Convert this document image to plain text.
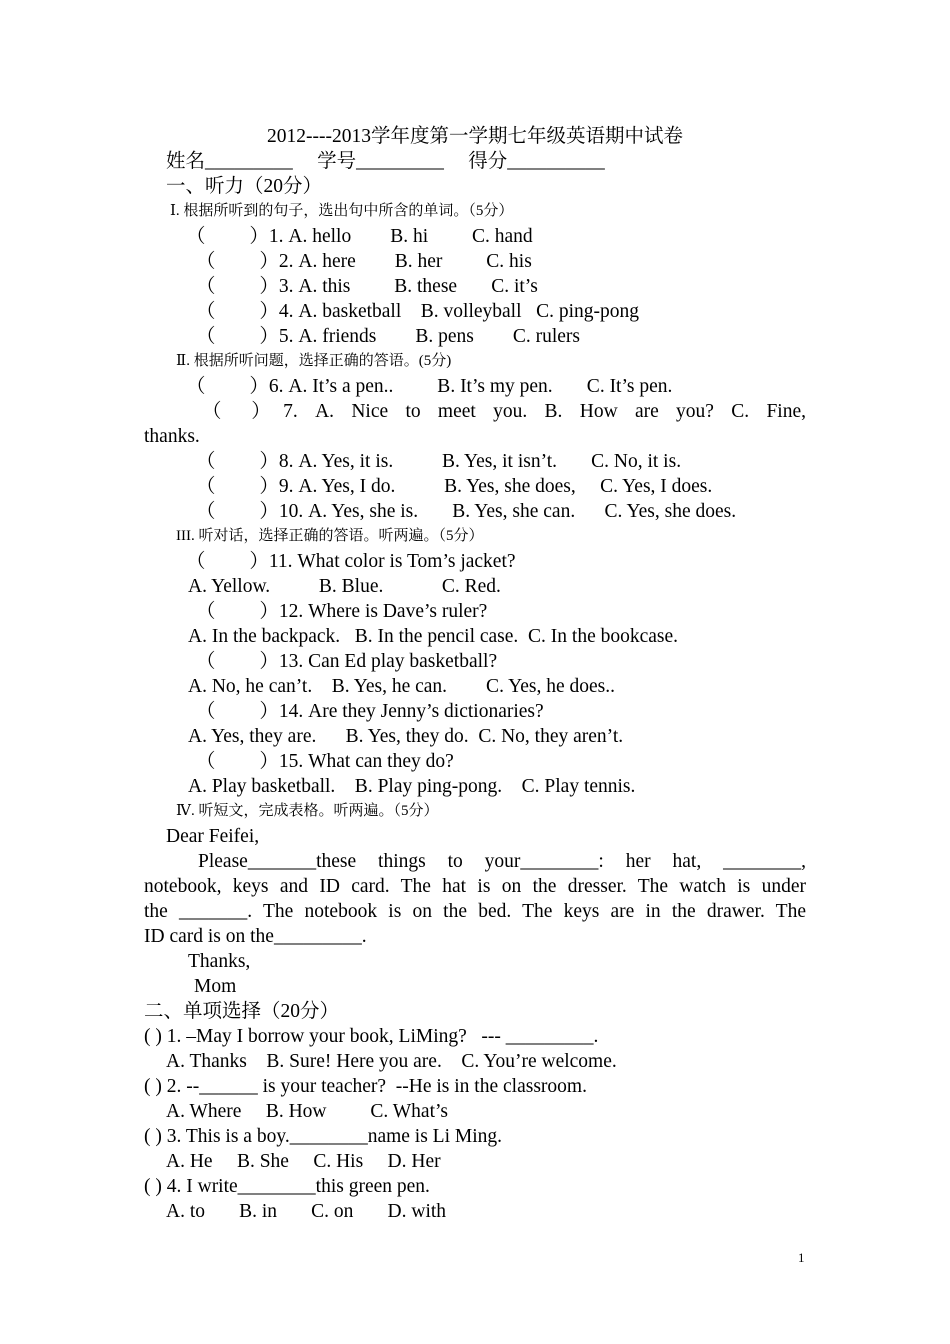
2012----2013学年度第一学期七年级英语期中试卷
姓名_________     学号_________     得分__________
一、听力（20分）
Ⅰ. 根据所听到的句子，选出句中所含的单词。（5分）
（         ）1. A. hello        B. hi         C. hand
（         ）2. A. here        B. her         C. his
（         ）3. A. this         B. these       C. it’s
（         ）4. A. basketball    B. volleyball   C. ping-pong
（         ）5. A. friends        B. pens        C. rulers
Ⅱ. 根据所听问题，选择正确的答语。(5分)
（         ）6. A. It’s a pen..         B. It’s my pen.       C. It’s pen.
（ ）7. A. Nice to meet you. B. How are you? C. Fine,
thanks.
（         ）8. A. Yes, it is.          B. Yes, it isn’t.       C. No, it is.
（         ）9. A. Yes, I do.          B. Yes, she does,     C. Yes, I does.
（         ）10. A. Yes, she is.       B. Yes, she can.      C. Yes, she does.
III. 听对话，选择正确的答语。听两遍。（5分）
（         ）11. What color is Tom’s jacket?
A. Yellow.          B. Blue.            C. Red.
（         ）12. Where is Dave’s ruler?
A. In the backpack.   B. In the pencil case.  C. In the bookcase.
（         ）13. Can Ed play basketball?
A. No, he can’t.    B. Yes, he can.        C. Yes, he does..
（         ）14. Are they Jenny’s dictionaries?
A. Yes, they are.      B. Yes, they do.  C. No, they aren’t.
（         ）15. What can they do?
A. Play basketball.    B. Play ping-pong.    C. Play tennis.
Ⅳ. 听短文，完成表格。听两遍。（5分）
Dear Feifei,
Please_______these things to your________: her hat, ________,
notebook, keys and ID card. The hat is on the dresser. The watch is under
the _______. The notebook is on the bed. The keys are in the drawer. The
ID card is on the_________.
Thanks,
Mom
二、单项选择（20分）
( ) 1. –May I borrow your book, LiMing?   --- _________.
A. Thanks    B. Sure! Here you are.    C. You’re welcome.
( ) 2. --______ is your teacher?  --He is in the classroom.
A. Where     B. How         C. What’s
( ) 3. This is a boy.________name is Li Ming.
A. He     B. She     C. His     D. Her
( ) 4. I write________this green pen.
A. to       B. in       C. on       D. with
1
